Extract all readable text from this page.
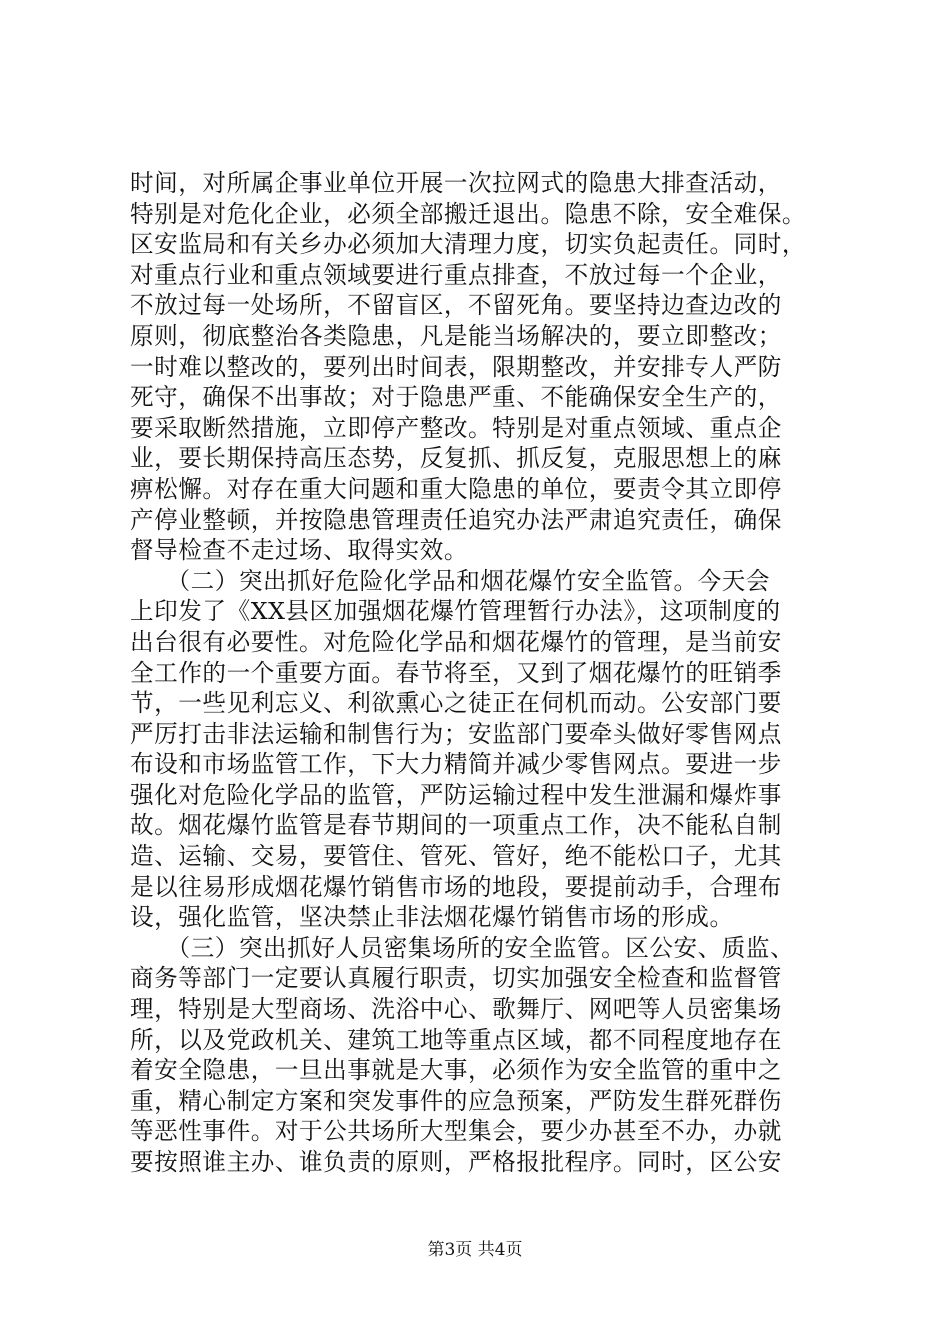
时间，对所属企事业单位开展一次拉网式的隐患大排查活动，
特别是对危化企业，必须全部搬迁退出。隐患不除，安全难保。
区安监局和有关乡办必须加大清理力度，切实负起责任。同时，
对重点行业和重点领域要进行重点排查，不放过每一个企业，
不放过每一处场所，不留盲区，不留死角。要坚持边查边改的
原则，彻底整治各类隐患，凡是能当场解决的，要立即整改；
一时难以整改的，要列出时间表，限期整改，并安排专人严防
死守，确保不出事故；对于隐患严重、不能确保安全生产的，
要采取断然措施，立即停产整改。特别是对重点领域、重点企
业，要长期保持高压态势，反复抓、抓反复，克服思想上的麻
痹松懈。对存在重大问题和重大隐患的单位，要责令其立即停
产停业整顿，并按隐患管理责任追究办法严肃追究责任，确保
督导检查不走过场、取得实效。
　　（二）突出抓好危险化学品和烟花爆竹安全监管。今天会
上印发了《XX县区加强烟花爆竹管理暂行办法》，这项制度的
出台很有必要性。对危险化学品和烟花爆竹的管理，是当前安
全工作的一个重要方面。春节将至，又到了烟花爆竹的旺销季
节，一些见利忘义、利欲熏心之徒正在伺机而动。公安部门要
严厉打击非法运输和制售行为；安监部门要牵头做好零售网点
布设和市场监管工作，下大力精简并减少零售网点。要进一步
强化对危险化学品的监管，严防运输过程中发生泄漏和爆炸事
故。烟花爆竹监管是春节期间的一项重点工作，决不能私自制
造、运输、交易，要管住、管死、管好，绝不能松口子，尤其
是以往易形成烟花爆竹销售市场的地段，要提前动手，合理布
设，强化监管，坚决禁止非法烟花爆竹销售市场的形成。
　　（三）突出抓好人员密集场所的安全监管。区公安、质监、
商务等部门一定要认真履行职责，切实加强安全检查和监督管
理，特别是大型商场、洗浴中心、歌舞厅、网吧等人员密集场
所，以及党政机关、建筑工地等重点区域，都不同程度地存在
着安全隐患，一旦出事就是大事，必须作为安全监管的重中之
重，精心制定方案和突发事件的应急预案，严防发生群死群伤
等恶性事件。对于公共场所大型集会，要少办甚至不办，办就
要按照谁主办、谁负责的原则，严格报批程序。同时，区公安
第3页 共4页
